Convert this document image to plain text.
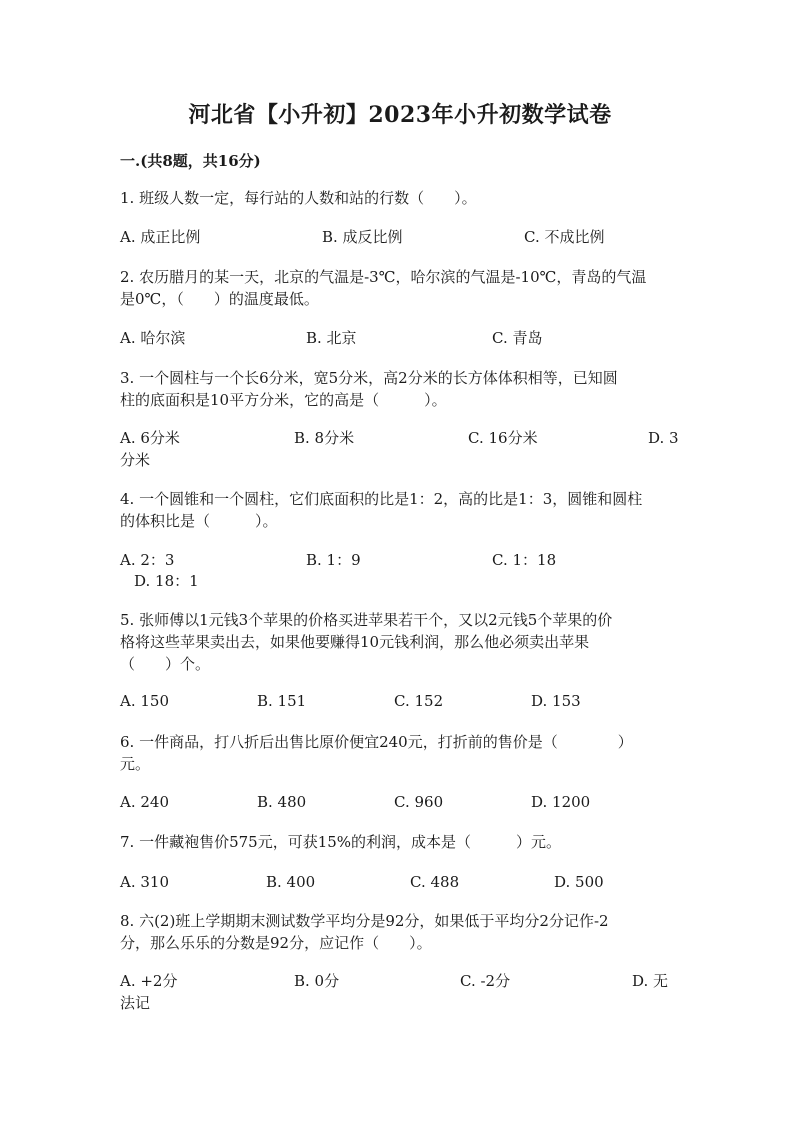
河北省【小升初】2023年小升初数学试卷
一.(共8题，共16分)
1. 班级人数一定，每行站的人数和站的行数（　　）。
A. 成正比例	B. 成反比例	C. 不成比例
2. 农历腊月的某一天，北京的气温是-3℃，哈尔滨的气温是-10℃，青岛的气温
是0℃，（　　）的温度最低。
A. 哈尔滨	B. 北京	C. 青岛
3. 一个圆柱与一个长6分米，宽5分米，高2分米的长方体体积相等，已知圆
柱的底面积是10平方分米，它的高是（　　　）。
A. 6分米	B. 8分米	C. 16分米	D. 3
分米
4. 一个圆锥和一个圆柱，它们底面积的比是1：2，高的比是1：3，圆锥和圆柱
的体积比是（　　　）。
A. 2：3	B. 1：9	C. 1：18
D. 18：1
5. 张师傅以1元钱3个苹果的价格买进苹果若干个，又以2元钱5个苹果的价
格将这些苹果卖出去，如果他要赚得10元钱利润，那么他必须卖出苹果
（　　）个。
A. 150	B. 151	C. 152	D. 153
6. 一件商品，打八折后出售比原价便宜240元，打折前的售价是（　　　　）
元。
A. 240	B. 480	C. 960	D. 1200
7. 一件藏袍售价575元，可获15%的利润，成本是（　　　）元。
A. 310	B. 400	C. 488	D. 500
8. 六(2)班上学期期末测试数学平均分是92分，如果低于平均分2分记作-2
分，那么乐乐的分数是92分，应记作（　　）。
A. +2分	B. 0分	C. -2分	D. 无
法记
